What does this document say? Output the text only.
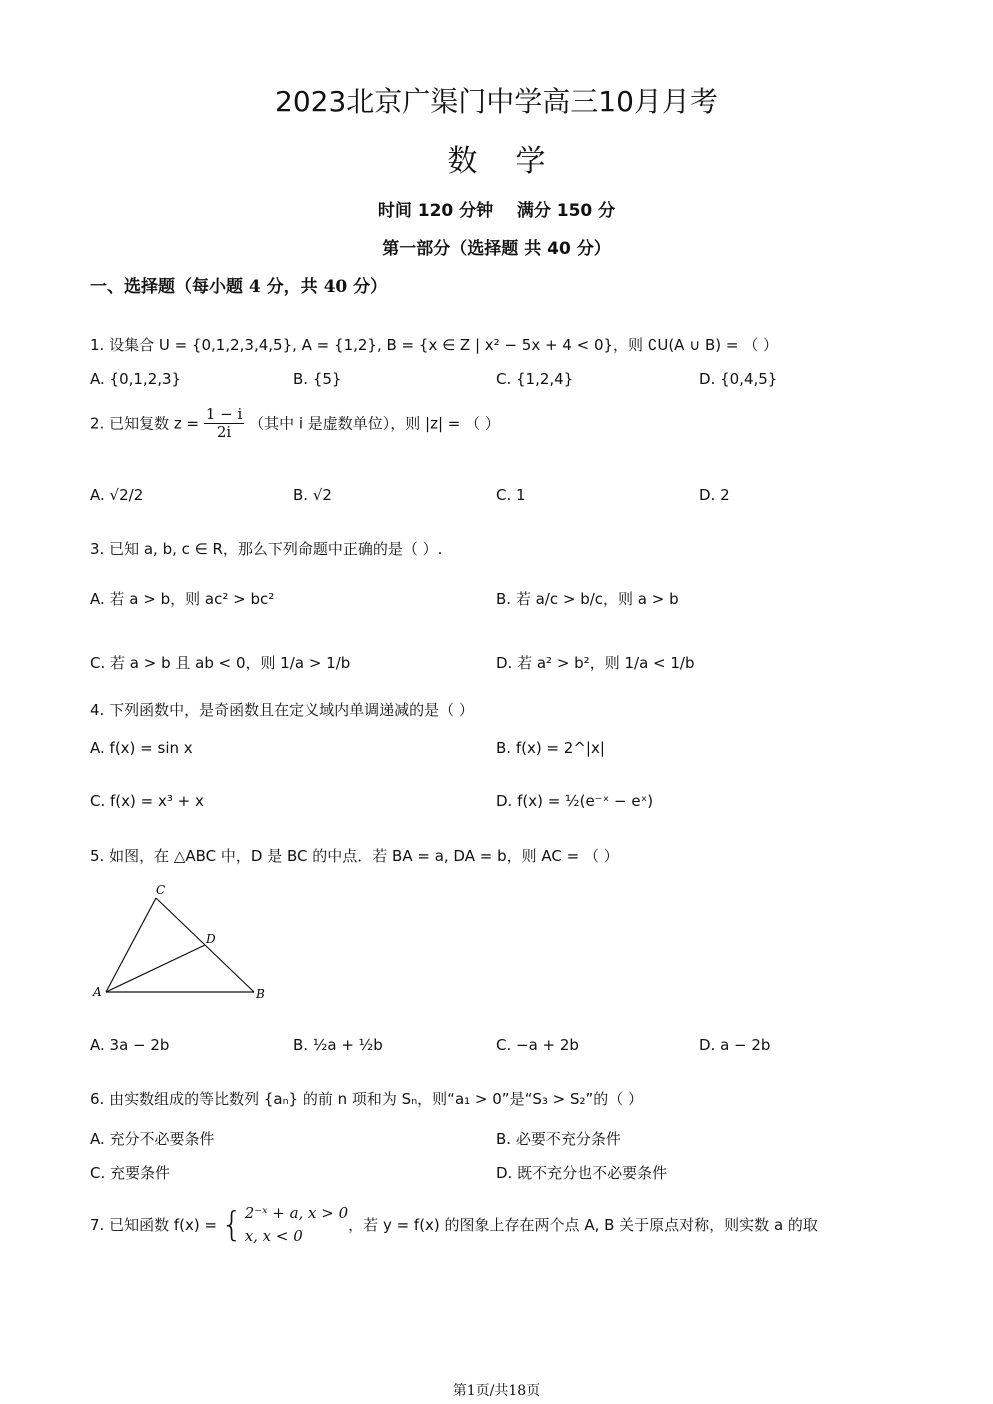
2023北京广渠门中学高三10月月考
数学
时间 120 分钟    满分 150 分
第一部分（选择题 共 40 分）
一、选择题（每小题 4 分，共 40 分）
1. 设集合 U = {0,1,2,3,4,5}, A = {1,2}, B = {x ∈ Z | x² − 5x + 4 < 0}，则 ∁U(A ∪ B) = （ ）
A. {0,1,2,3}	B. {5}	C. {1,2,4}	D. {0,4,5}
2. 已知复数 $z = \frac{1 - i}{2i}$ （其中 i 是虚数单位），则 |z| = （ ）
A. √2/2	B. √2	C. 1	D. 2
3. 已知 a, b, c ∈ R，那么下列命题中正确的是（ ）.
A. 若 a > b，则 ac² > bc²	B. 若 a/c > b/c，则 a > b
C. 若 a > b 且 ab < 0，则 1/a > 1/b	D. 若 a² > b²，则 1/a < 1/b
4. 下列函数中，是奇函数且在定义域内单调递减的是（ ）
A. f(x) = sin x	B. f(x) = 2^|x|
C. f(x) = x³ + x	D. f(x) = ½(e⁻ˣ − eˣ)
5. 如图，在 △ABC 中，D 是 BC 的中点．若 BA = a, DA = b，则 AC = （ ）
C
D
A	B
A. 3a − 2b	B. ½a + ½b	C. −a + 2b	D. a − 2b
6. 由实数组成的等比数列 {aₙ} 的前 n 项和为 Sₙ，则“a₁ > 0”是“S₃ > S₂”的（ ）
A. 充分不必要条件	B. 必要不充分条件
C. 充要条件	D. 既不充分也不必要条件
7. 已知函数 f(x) = { 2⁻ˣ + a, x > 0
x, x < 0
，若 y = f(x) 的图象上存在两个点 A, B 关于原点对称，则实数 a 的取
第1页/共18页
